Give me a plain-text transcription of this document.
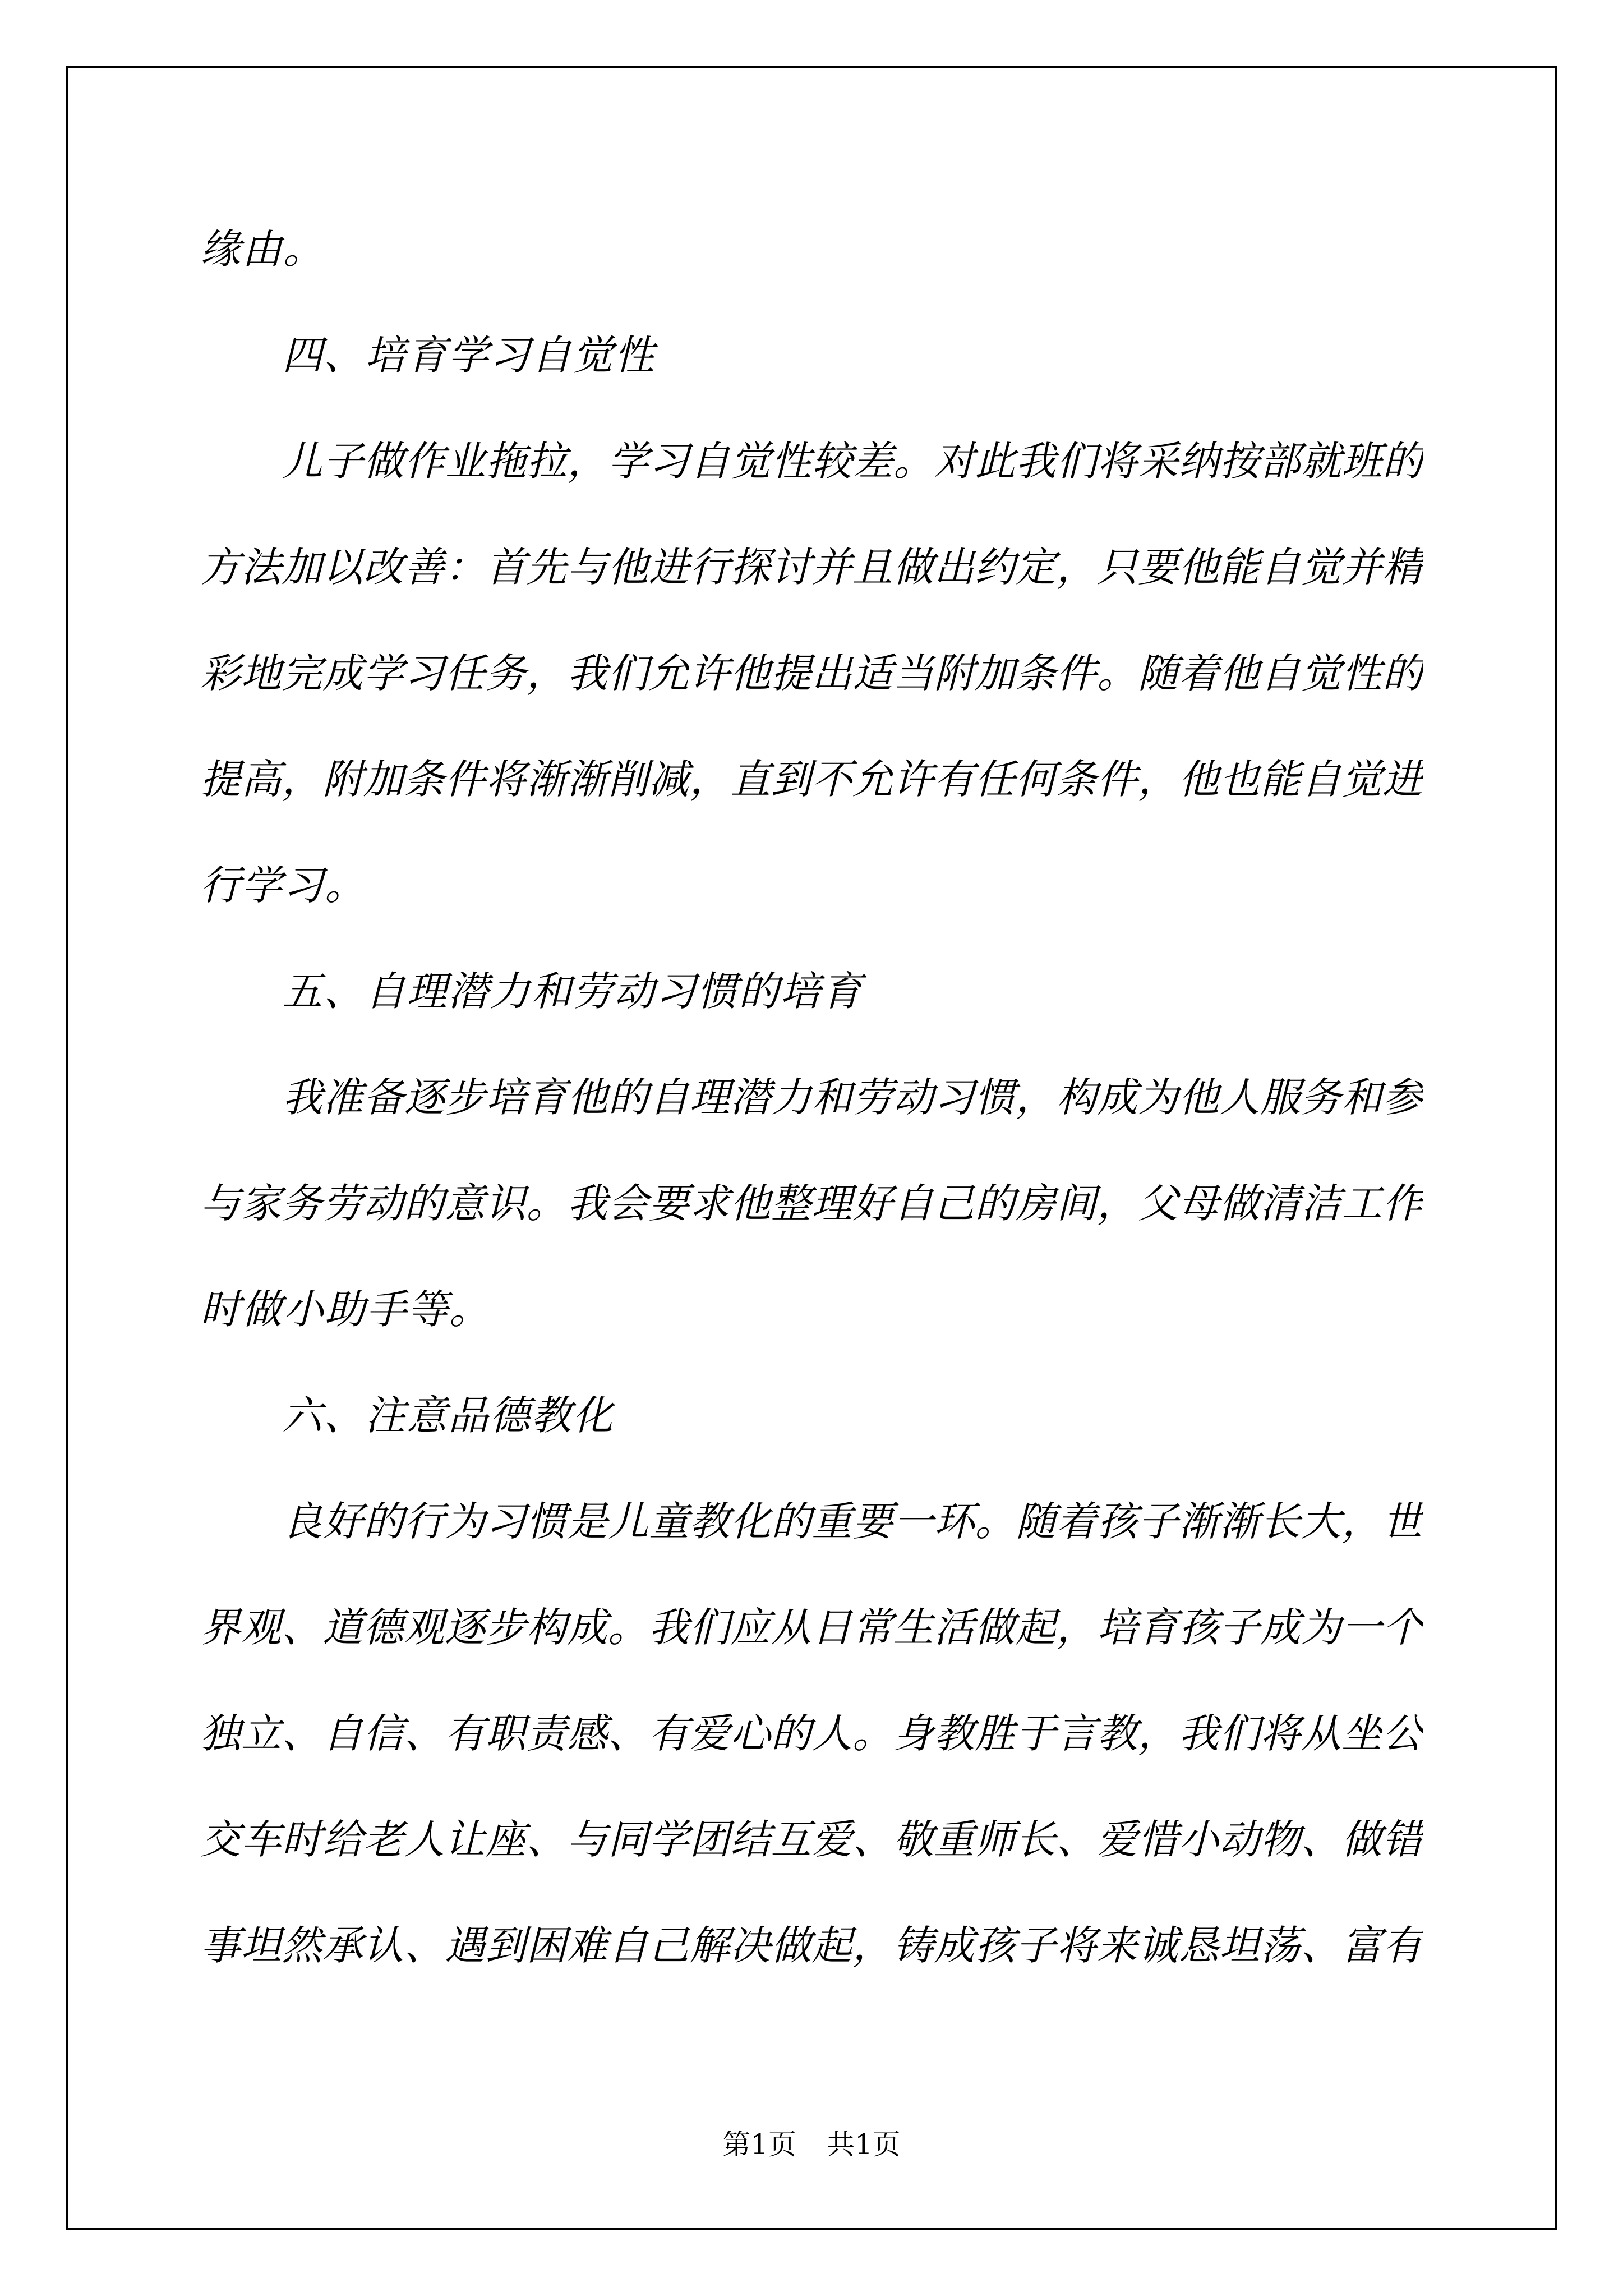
缘由。
四、培育学习自觉性
儿子做作业拖拉，学习自觉性较差。对此我们将采纳按部就班的
方法加以改善：首先与他进行探讨并且做出约定，只要他能自觉并精
彩地完成学习任务，我们允许他提出适当附加条件。随着他自觉性的
提高，附加条件将渐渐削减，直到不允许有任何条件，他也能自觉进
行学习。
五、自理潜力和劳动习惯的培育
我准备逐步培育他的自理潜力和劳动习惯，构成为他人服务和参
与家务劳动的意识。我会要求他整理好自己的房间，父母做清洁工作
时做小助手等。
六、注意品德教化
良好的行为习惯是儿童教化的重要一环。随着孩子渐渐长大，世
界观、道德观逐步构成。我们应从日常生活做起，培育孩子成为一个
独立、自信、有职责感、有爱心的人。身教胜于言教，我们将从坐公
交车时给老人让座、与同学团结互爱、敬重师长、爱惜小动物、做错
事坦然承认、遇到困难自己解决做起，铸成孩子将来诚恳坦荡、富有
第1页 共1页
